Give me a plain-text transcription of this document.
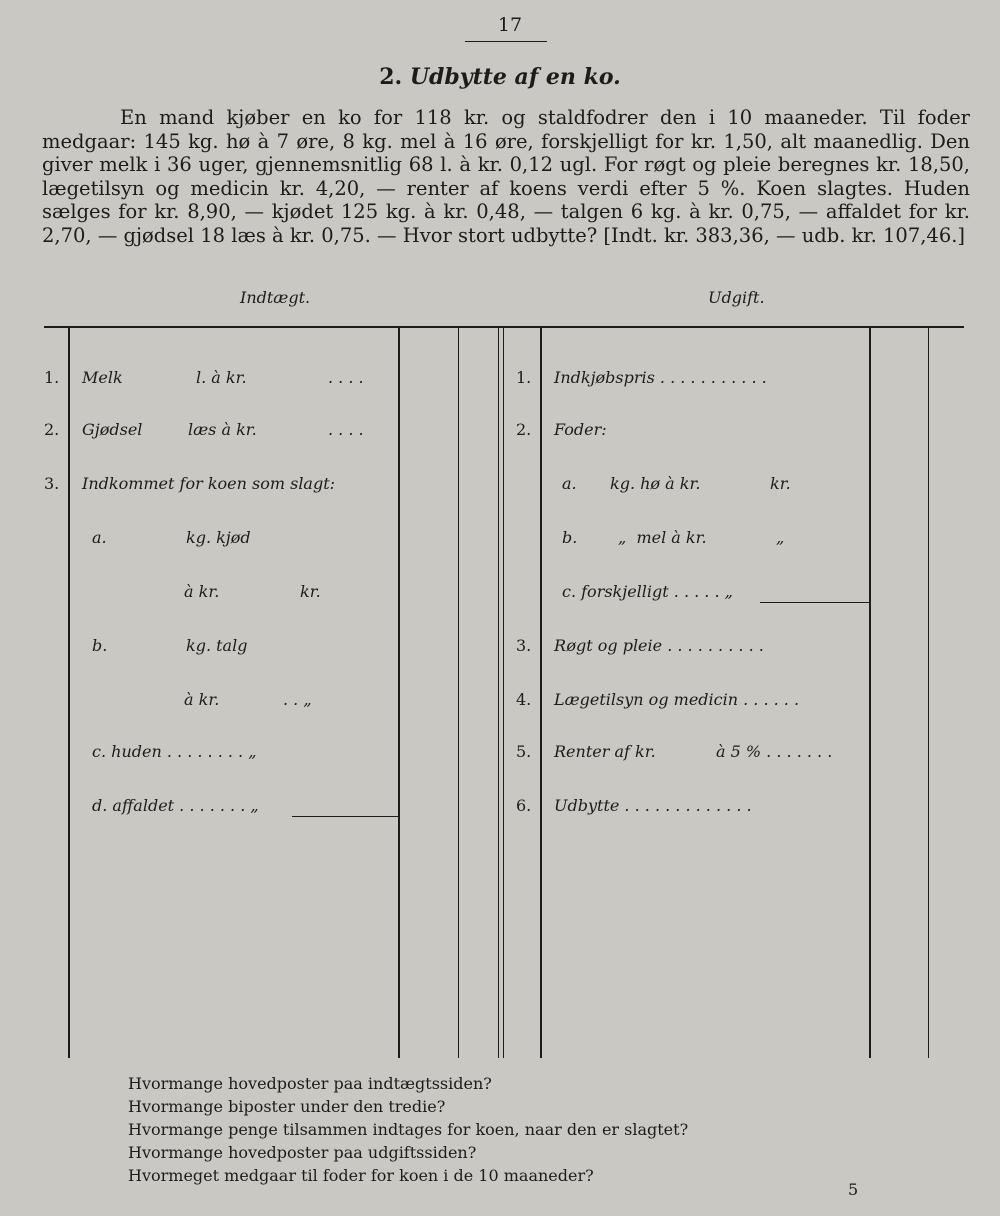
17
2. Udbytte af en ko.

En mand kjøber en ko for 118 kr. og staldfodrer den i 10 maaneder. Til foder medgaar: 145 kg. hø à 7 øre, 8 kg. mel à 16 øre, forskjelligt for kr. 1,50, alt maanedlig. Den giver melk i 36 uger, gjennemsnitlig 68 l. à kr. 0,12 ugl. For røgt og pleie beregnes kr. 18,50, lægetilsyn og medicin kr. 4,20, — renter af koens verdi efter 5 %. Koen slagtes. Huden sælges for kr. 8,90, — kjødet 125 kg. à kr. 0,48, — talgen 6 kg. à kr. 0,75, — affaldet for kr. 2,70, — gjødsel 18 læs à kr. 0,75. — Hvor stort udbytte? [Indt. kr. 383,36, — udb. kr. 107,46.]

Indtægt.	Udgift.
1. Melk	l. à kr.	. . . .
2. Gjødsel	læs à kr.	. . . .
3. Indkommet for koen som slagt:
a.	kg. kjød
à kr.	kr.
b.	kg. talg
à kr.	. . „
c. huden . . . . . . . . „
d. affaldet . . . . . . . „
1. Indkjøbspris . . . . . . . . . . .
2. Foder:
a. kg. hø à kr.	kr.
b.	„  mel à kr.	„
c. forskjelligt . . . . . „
3. Røgt og pleie . . . . . . . . . .
4. Lægetilsyn og medicin . . . . . .
5. Renter af kr.	à 5 % . . . . . . .
6. Udbytte . . . . . . . . . . . . .
Hvormange hovedposter paa indtægtssiden?
Hvormange biposter under den tredie?
Hvormange penge tilsammen indtages for koen, naar den er slagtet?
Hvormange hovedposter paa udgiftssiden?
Hvormeget medgaar til foder for koen i de 10 maaneder?
5
